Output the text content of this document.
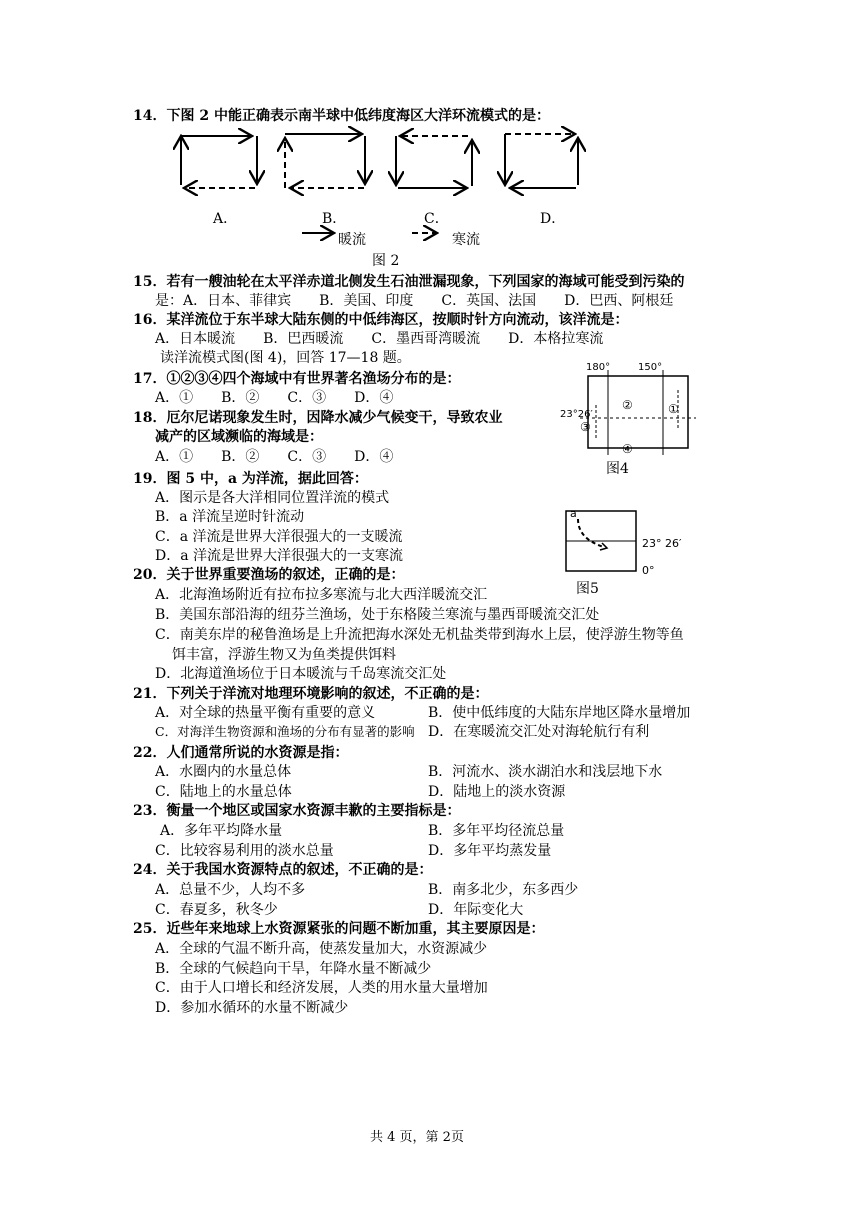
14．下图 2 中能正确表示南半球中低纬度海区大洋环流模式的是：
A．	B．	C．	D．
暖流	寒流
图 2
15．若有一艘油轮在太平洋赤道北侧发生石油泄漏现象，下列国家的海域可能受到污染的
是：A．日本、菲律宾　　B．美国、印度　　C．英国、法国　　D．巴西、阿根廷
16．某洋流位于东半球大陆东侧的中低纬海区，按顺时针方向流动，该洋流是：
A．日本暖流　　B．巴西暖流　　C．墨西哥湾暖流　　D．本格拉寒流
读洋流模式图(图 4)，回答 17—18 题。
17．①②③④四个海域中有世界著名渔场分布的是：
A．①　　B．②　　C．③　　D．④
18．厄尔尼诺现象发生时，因降水减少气候变干，导致农业
减产的区域濒临的海域是：
A．①　　B．②　　C．③　　D．④
180°	150°
23°26′
②	①
③
④
图4
19．图 5 中，a 为洋流，据此回答：
A．图示是各大洋相同位置洋流的模式
B．a 洋流呈逆时针流动
C．a 洋流是世界大洋很强大的一支暖流
D．a 洋流是世界大洋很强大的一支寒流
a
23° 26′
0°
图5
20．关于世界重要渔场的叙述，正确的是：
A．北海渔场附近有拉布拉多寒流与北大西洋暖流交汇
B．美国东部沿海的纽芬兰渔场，处于东格陵兰寒流与墨西哥暖流交汇处
C．南美东岸的秘鲁渔场是上升流把海水深处无机盐类带到海水上层，使浮游生物等鱼
饵丰富，浮游生物又为鱼类提供饵料
D．北海道渔场位于日本暖流与千岛寒流交汇处
21．下列关于洋流对地理环境影响的叙述，不正确的是：
A．对全球的热量平衡有重要的意义	B．使中低纬度的大陆东岸地区降水量增加
C．对海洋生物资源和渔场的分布有显著的影响 D．在寒暖流交汇处对海轮航行有利
22．人们通常所说的水资源是指：
A．水圈内的水量总体	B．河流水、淡水湖泊水和浅层地下水
C．陆地上的水量总体	D．陆地上的淡水资源
23．衡量一个地区或国家水资源丰歉的主要指标是：
A．多年平均降水量	B．多年平均径流总量
C．比较容易利用的淡水总量	D．多年平均蒸发量
24．关于我国水资源特点的叙述，不正确的是：
A．总量不少，人均不多	B．南多北少，东多西少
C．春夏多，秋冬少	D．年际变化大
25．近些年来地球上水资源紧张的问题不断加重，其主要原因是：
A．全球的气温不断升高，使蒸发量加大，水资源减少
B．全球的气候趋向干旱，年降水量不断减少
C．由于人口增长和经济发展，人类的用水量大量增加
D．参加水循环的水量不断减少
共 4 页，第 2页
